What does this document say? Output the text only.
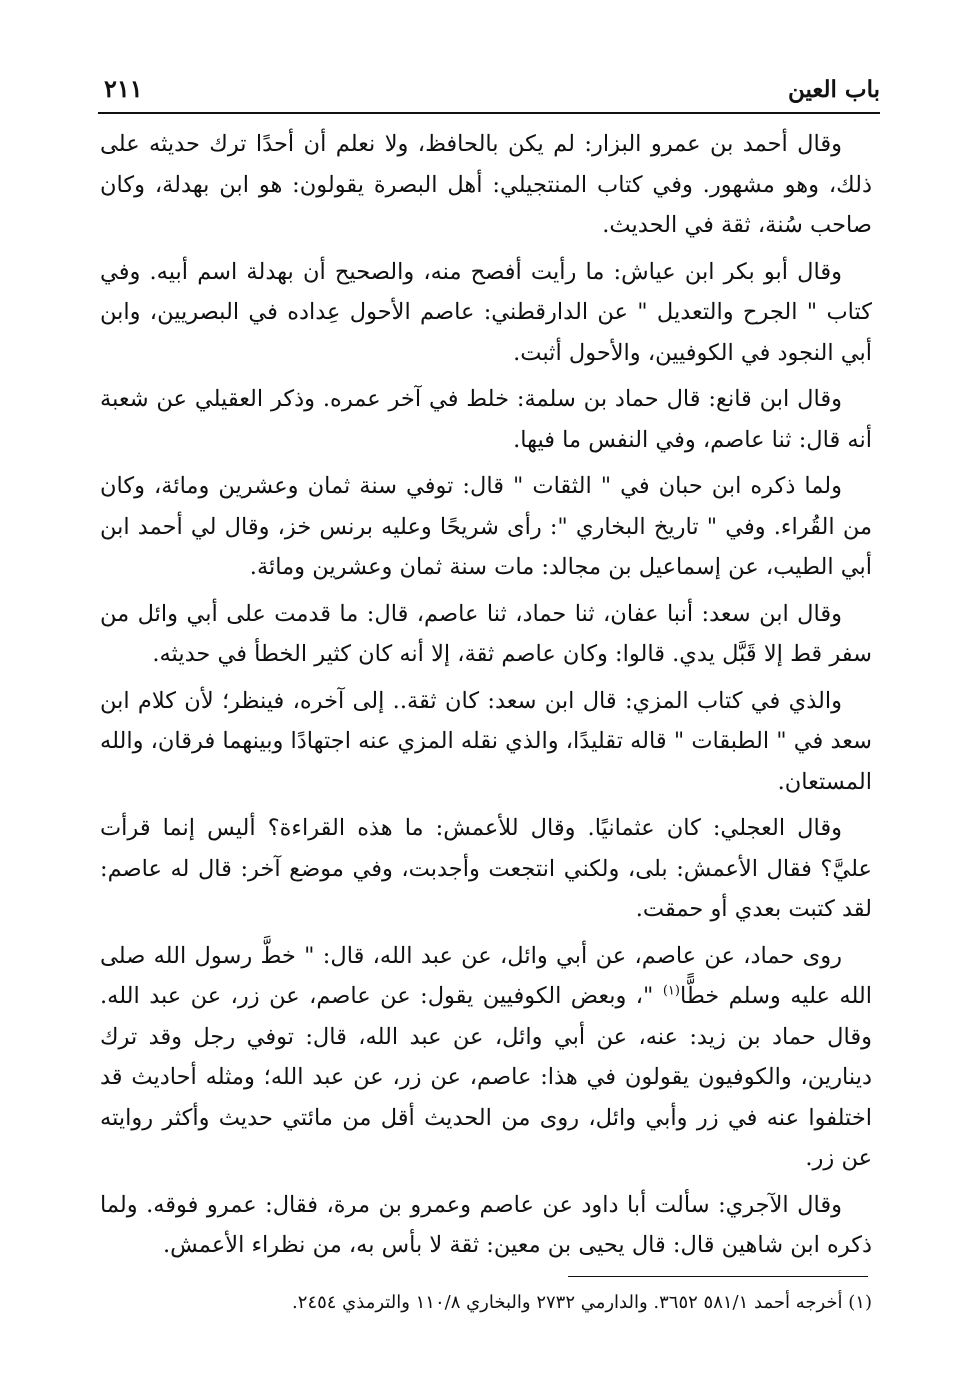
باب العين
٢١١

وقال أحمد بن عمرو البزار: لم يكن بالحافظ، ولا نعلم أن أحدًا ترك حديثه على ذلك، وهو مشهور. وفي كتاب المنتجيلي: أهل البصرة يقولون: هو ابن بهدلة، وكان صاحب سُنة، ثقة في الحديث.

وقال أبو بكر ابن عياش: ما رأيت أفصح منه، والصحيح أن بهدلة اسم أبيه. وفي كتاب " الجرح والتعديل " عن الدارقطني: عاصم الأحول عِداده في البصريين، وابن أبي النجود في الكوفيين، والأحول أثبت.

وقال ابن قانع: قال حماد بن سلمة: خلط في آخر عمره. وذكر العقيلي عن شعبة أنه قال: ثنا عاصم، وفي النفس ما فيها.

ولما ذكره ابن حبان في " الثقات " قال: توفي سنة ثمان وعشرين ومائة، وكان من القُراء. وفي " تاريخ البخاري ": رأى شريحًا وعليه برنس خز، وقال لي أحمد ابن أبي الطيب، عن إسماعيل بن مجالد: مات سنة ثمان وعشرين ومائة.

وقال ابن سعد: أنبا عفان، ثنا حماد، ثنا عاصم، قال: ما قدمت على أبي وائل من سفر قط إلا قَبَّل يدي. قالوا: وكان عاصم ثقة، إلا أنه كان كثير الخطأ في حديثه.

والذي في كتاب المزي: قال ابن سعد: كان ثقة.. إلى آخره، فينظر؛ لأن كلام ابن سعد في " الطبقات " قاله تقليدًا، والذي نقله المزي عنه اجتهادًا وبينهما فرقان، والله المستعان.

وقال العجلي: كان عثمانيًا. وقال للأعمش: ما هذه القراءة؟ أليس إنما قرأت عليَّ؟ فقال الأعمش: بلى، ولكني انتجعت وأجدبت، وفي موضع آخر: قال له عاصم: لقد كتبت بعدي أو حمقت.

روى حماد، عن عاصم، عن أبي وائل، عن عبد الله، قال: " خطَّ رسول الله صلى الله عليه وسلم خطًّا$^{(١)}$ "، وبعض الكوفيين يقول: عن عاصم، عن زر، عن عبد الله. وقال حماد بن زيد: عنه، عن أبي وائل، عن عبد الله، قال: توفي رجل وقد ترك دينارين، والكوفيون يقولون في هذا: عاصم، عن زر، عن عبد الله؛ ومثله أحاديث قد اختلفوا عنه في زر وأبي وائل، روى من الحديث أقل من مائتي حديث وأكثر روايته عن زر.

وقال الآجري: سألت أبا داود عن عاصم وعمرو بن مرة، فقال: عمرو فوقه. ولما ذكره ابن شاهين قال: قال يحيى بن معين: ثقة لا بأس به، من نظراء الأعمش.

(١) أخرجه أحمد ٥٨١/١ ٣٦٥٢. والدارمي ٢٧٣٢ والبخاري ١١٠/٨ والترمذي ٢٤٥٤.
